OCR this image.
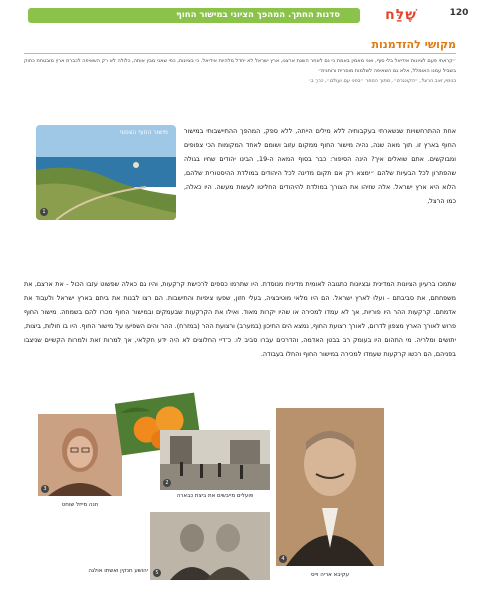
סדנות החתך. המהפך הציוני במישור החוף	שֶׁלַּח	120
מקושי להזדמנות
״קראתי פעם לציונות אידיאל בלי סוף, ואני מאמין באמת כי גם לאחר השגת ארצנו, ארץ ישראל לא יחדל מלהיות אידיאל. כי בציונות, כפי שאני מבין אותה, כלולה לא רק השאיפה לכברת ארץ מובטחת כחוק בשביל עמנו האומלל, אלא גם השאיפה לשלמות מוסרית ורוחנית״
בנימין זאב הרצל, ״הקונגרס״, מתוך הספר ״בפני עם ועולם״, כרך ב׳
אחת ההתרחשויות שנשארתי בעקבותיה ללא מילים הייתה, ללא ספק, המהפך ההתיישבותי במישור החוף בארץ זו. תוך מאה שנה, נהיה מישור החוף ממקום עזוב ושומם לאחד המקומות הכי צפופים ומבוקשים. אתם שואלים איך? הינה הסיפור: כבר בסוף המאה ה-19, הבינו יהודים שחיו בגולה שהפתרון לכל הבעיות שלהם ״ימצא רק אם תקום מדינה לכל היהודים במולדת ההיסטורית שלהם, הלוא היא ארץ ישראל. אלה שזיהו את הצורך במולדת להיהודים החליטו לעשות מעשה. היו כאלה, כמו הרצל,
מישור החוף הצפוני
1
שתמכו ברעיון הציונות המדינית ובציונות כתגובה לאומית מדינית מנוסדת. היו שתרמו כספים לרכישת קרקעות, והיו גם כאלה שפשוט עזבו הכול - את ארצם, את משפחתם, את סביבתם - ועלו לארץ ישראל. הם היו מלאי מוטיבציה, בעלי חזון, שפעו ציפיות והתישבות. הם רצו לבנות את ביתם בארץ ישראל ולעבוד את אדמתם. קרקעות ההר היו פוריות, אך לא עמדו למכירה או שהיו יקרות מאוד. ואילו את הקרקעות שבעמקים ובמישור החוף מכרו להם בשמחה. מישור החוף פרוש לאורך הארץ מצפון לדרום, לאורך רצועת החוף, נמצא הים התיכון (במערב) ורצועת ההר (במזרח). ההר והים השפיעו על מישור החוף. היו בו חולות, ביצות, יתושים ומלריה. מי התהום היו בעומק רב בבטן האדמה, והדרכים עברו סביב לו. כ־דיי החלוצים לא היה ידע חקלאי, אך למרות זאת ולמרות הקשיים שניצבו בפניהם, הם רכשו קרקעות שעמדו למכירה במישור החוף והחלו בעבודה.
3
חנה מייזל שוחט
2
פועלים מייבשים את ביצת כבארה
5
יהושע חנקין ואשתו אולגה
4
עקיבא אריה וייס
